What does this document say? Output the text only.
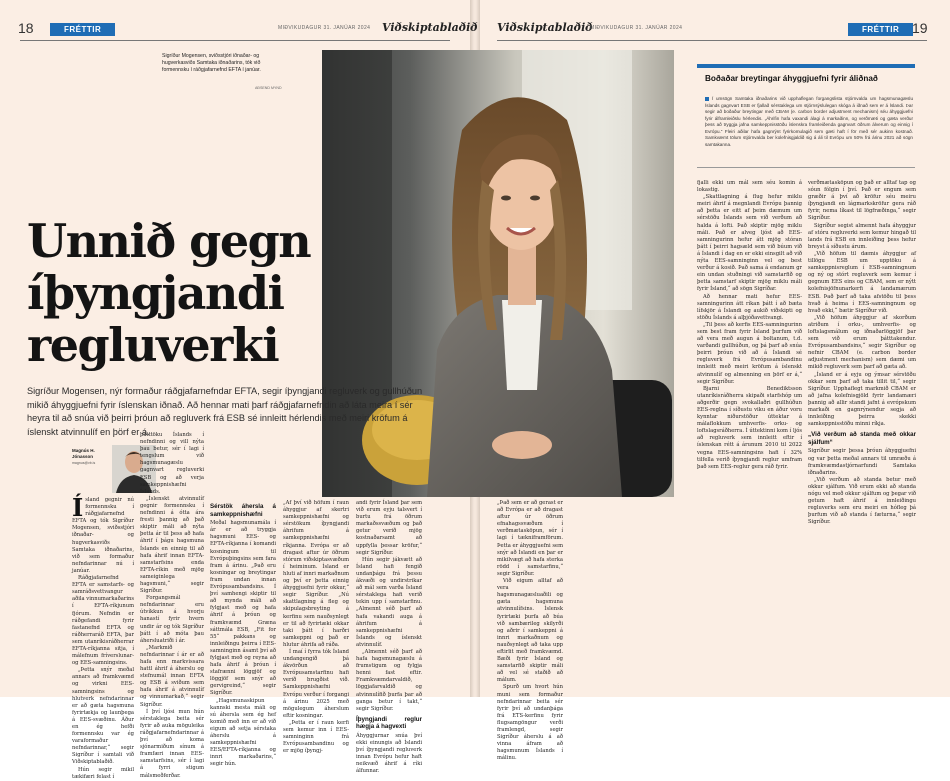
18	FRÉTTIR	MIÐVIKUDAGUR 31. JANÚAR 2024 Viðskiptablaðið Viðskiptablaðið
MIÐVIKUDAGUR 31. JANÚAR 2024	FRÉTTIR 19
Sigríður Mogensen, sviðsstjóri iðnaðar- og hugverkasviðs Samtaka iðnaðarins, tók við formennsku í ráðgjafarnefnd EFTA í janúar.
AÐSEND MYND
Unnið gegn
íþyngjandi
regluverki

Sigríður Mogensen, nýr formaður ráðgjafarnefndar EFTA, segir íþyngjandi regluverk og gullhúðun mikið áhyggjuefni fyrir íslenskan iðnað. Að hennar mati þarf ráðgjafarnefndin að láta meira í sér heyra til að snúa við þeirri þróun að regluverk frá ESB sé innleitt hérlendis með meiri kröfum á íslenskt atvinnulíf en þörf er á.

Magnús H. Jónasson
magnus@vb.is

Ísland gegnir nú formennsku í ráðgjafarnefnd EFTA og tók Sigríður Mogensen, sviðsstjóri iðnaðar- og hugverkasviðs Samtaka iðnaðarins, við sem formaður nefndarinnar nú í janúar.

Ráðgjafarnefnd EFTA er samstarfs- og samráðsvettvangur aðila vinnumarkaðarins í EFTA-ríkjunum fjórum. Nefndin er ráðgefandi fyrir fastanefnd EFTA og ráðherraráð EFTA, þar sem utanríkisráðherrar EFTA-ríkjanna sitja, í málefnum fríverslunar- og EES-samningsins.

„Þetta snýr meðal annars að framkvæmd og virkni EES-samningsins og hlutverk nefndarinnar er að gæta hagsmuna fyrirtækja og launþega á EES-svæðinu. Áður en ég hefði formennsku var ég varaformaður nefndarinnar,“ segir Sigríður í samtali við Viðskiptablaðið.

Hún segir mikil tækifæri felast í

þátttöku Íslands í nefndinni og vill nýta þau betur, sér í lagi í tengslum við hagsmunagæslu gagnvart regluverki ESB og að verja samkeppnishæfni Íslands.

„Íslenskt atvinnulíf gegnir formennsku í nefndinni á ótta ára fresti þannig að það skiptir máli að nýta þetta ár til þess að hafa áhrif í þágu hagsmuna Íslands en einnig til að hafa áhrif innan EFTA-samstarfsins enda EFTA-ríkin með mjög sameiginlega hagsmuni,“ segir Sigríður.

Forgangsmál nefndarinnar eru útvíkkun á hvorju hanastí fyrir hvern undir ár og tók Sigríður þátt í að móta þau áhersluatriði í ár.

„Markmið nefndarinnar í ár er að hafa enn markvissara hattl áhrif á áherslu og stefnumál innan EFTA og ESB á sviðum sem hafa áhrif á atvinnulíf og vinnumarkað,“ segir Sigríður.

Í því ljósi mun hún sérstaklega beita sér fyrir að auka möguleika ráðgjafarnefndarinnar á því að koma sjónarmiðum sínum á framfæri innan EES-samstarfsins, sér í lagi á fyrri stigum málsmeðferðar.

Sérstök áhersla á samkeppnishæfni

Meðal hagsmunamála í ár er að tryggja hagsmuni EES- og EFTA-ríkjanna í komandi kosningum til Evrópuþingsins sem fara fram á árinu. „Það eru kosningar og breytingar fram undan innan Evrópusambandsins. Í því samhengi skiptir til að mynda máli að fylgjast með og hafa áhrif á þróun og framkvæmd Græna sáttmála ESB, „Fit for 55“ pakkans og innleiðingu þeirra í EES-samninginn ásamt því að fylgjast með og reyna að hafa áhrif á þróun í stafrænni löggjöf og löggjöf sem snýr að gervigreind,“ segir Sigríður.

„Hagsmunaskipun kannski mesta máli og sú áhersla sem ég hef komið með inn er að við eigum að setja sérstaka áherslu á samkeppnishæfni EES/EFTA-ríkjanna og innri markaðarins,“ segir hún.

„Af því við höfum í raun áhyggjur af skertri samkeppnishæfni og sérstökum íþyngjandi áhrifum á samkeppnishæfni ríkjanna. Evrópa er að dragast aftur úr öðrum stórum viðskiptasvæðum í heiminum. Ísland er hluti af innri markaðnum og því er þetta einnig áhyggjuefni fyrir okkur,“ segir Sigríður. „Nú skattlagning á fleg og skipulagsbreyting á kerfinu sem nauðsynlegt er til að fyrirtæki okkar taki þátt í harðri samkeppni og það er hlutur áhrifa að ráða.

Í maí í fyrra tók Ísland undangengið þá ákvörðun að Evrópusamstarfinu hafi verið brugðist við. Samkeppnishæfni Evrópu verður í forgangi á árinu 2025 með mögulegum áherslum eftir kosningar.

„Þetta er í raun kerfi sem kemur inn í EES-samninginn frá Evrópusambandinu og er mjög íþyngj-

andi fyrir Ísland þar sem við erum eyju talsvert í burtu frá öðrum markaðssvæðum og það getur verið mjög kostnaðarsamt að uppfylla þessar kröfur,“ segir Sigríður.

Hún segir jákvætt að Ísland hafi fengið undanþágu frá þessu ákvæði og undirstrikar að mál sem varða Ísland sérstaklega hafi verið tekin upp í samstarfinu. „Almennt séð þarf að hafa vakandi auga á áhrifum á samkeppnishæfni Íslands og íslenskt atvinnulíf.

„Almennt séð þarf að hafa hagsmunagæslu á frumstigum og fylgja henni fast eftir. Framkvæmdarvaldið, löggjafarvaldið og atvinnulífið þurfa þar að ganga betur í takt,“ segir Sigríður.

Íþyngjandi reglur hægja á hagvexti

Áhyggjurnar snúa því ekki einungis að Íslandi því íþyngjandi regluverk innan Evrópu hefur haft neikvæð áhrif á ríki álfunnar.

„Það sem er að gerast er að Evrópa er að dragast aftur úr öðrum efnahagssvæðum í verðmætasköpun, sér í lagi í tækniframförum. Þetta er áhyggjuefni sem snýr að Íslandi en þar er mikilvægt að hafa sterka rödd í samstarfinu,“ segir Sigríður.

Við eigum alltaf að vera hagsmunagæsluaðili og gæta hagsmuna atvinnulífsins. Íslensk fyrirtæki þurfa að búa við sambærileg skilyrði og aðrir í samkeppni á innri markaðnum og nauðsynlegt að taka upp eftirlit með framkvæmd. Bæði fyrir Ísland og samstarfið skiptir máli að vel sé staðið að málum.

Spurð um hvort hún muni sem formaður nefndarinnar beita sér fyrir því að undanþága frá ETS-kerfinu fyrir flugsamgöngur verði framlengd, segir Sigríður áherslu á að vinna áfram að hagsmunum Íslands í málinu.

fjalli ekki um mál sem séu komin á lokastig.

„Skattlagning á flug hefur miklu meiri áhrif á megnlandi Evrópu þannig að þetta er eitt af þeim dæmum um sérstöðu Íslands sem við verðum að halda á lofti. Það skiptir mjög miklu máli. Það er alveg ljóst að EES-samningurinn hefur átt mjög stóran þátt í þeirri hagsæld sem við búum við á Íslandi í dag en er ekki einsgilt að við nýta EES-samninginn vel og best verður á kosið. Það sama á endanum gr​ein undan stuðningi við samstarfið og þetta samstarf skiptir mjög miklu máli fyrir Ísland,“ að sögn Sigríðar.

Að hennar mati hefur EES-samningurinn átt ríkan þátt í að bæta lífskjör á Íslandi og aukið viðskipti og stöðu Íslands á alþjóðavettvangi.

„Til þess að kerfis EES-samningurinn sem best fram fyrir Ísland þurfum við að vera með augun á boltanum, t.d. varðandi gullhúðun, og þá þarf að snúa þeirri þróun við að á Íslandi sé regluverk frá Evrópusambandinu innleitt með meiri kröfum á íslenskt atvinnulíf og almenning en þörf er á,“ segir Sigríður.

Bjarni Benediktsson utanríkisráðherra skipaði starfshóp um aðgerðir gegn svokallaðri gullhúðun EES-reglna í síðustu viku en áður voru kynntar niðurstöður úttektar á málaflokkum umhverfis- orku- og loftslagsráðherra. Í úttektinni kom í ljós að regluverk sem innleitt eftir í íslenskan rétt á árunum 2010 til 2022 vegna EES-samningsins hafi í 32% tilfella verið íþyngjandi reglur umfram það sem EES-reglur gera ráð fyrir.

verðmætasköpun og það er alltaf tap og sóun fólgin í því. Það er engum sem græðir á því að kröfur séu meiru íþyngjandi en lágmarkskröfur gera ráð fyrir, nema líkast til lögfræðinga,“ segir Sigríður.

Sigríður segist almennt hafa áhyggjur af stóru regluverki sem kemur hingað til lands frá ESB en innleiðing þess hefur breyst á síðustu árum.

„Við höfum til dæmis áhyggjur af tillögu ESB um upptöku á samkeppnisreglum í ESB-samningnum og ný og stórt regluverk sem kemur í gegnum EES eins og CBAM, sem er nýtt kolefnisjöfnunarkerfi á landamærum ESB. Það þarf að taka afstöðu til þess hvað á heima í EES-samningnum og hvað ekki,“ bætir Sigríður við.

„Við höfum áhyggjur af skorðum atriðum í orku-, umhverfis- og loftslagsmálum og iðnaðarlöggjöf þar sem við erum þátttakendur. Evrópusambandsins,“ segir Sigríður og nefnir CBAM (e. carbon border adjustment mechanism) sem dæmi um mikið regluverk sem þarf að gæta að.

„Ísland er á eyju og ýmsar sérstöðu okkar sem þarf að taka tillit til,“ segir Sigríður. Upphaflegt markmið CBAM er að jafna kolefnisgjöld fyrir landamæri þannig að allir standi jafnt á evrópskum markaði en gagnrýnendur segja að innleiðing þeirra skekki samkeppnisstöðu minni ríkja.

„Við verðum að standa með okkar sjálfum“

Sigríður segir þessa þróun áhyggjuefni og var þetta meðal annars til umræðu á framkvæmdastjórnarfundi Samtaka iðnaðarins.

„Við verðum að standa betur með okkur sjálfum. Við erum ekki að standa nógu vel með okkur sjálfum og þegar við getum haft áhrif á innleiðingu regluverks sem eru meiri en hófleg þá þurfum við að standa í fæturna,“ segir Sigríður.

Boðaðar breytingar áhyggjuefni fyrir áliðnað
Í umsögn Samtaka iðnaðarins við upphaflegan forgangslista stjórnvalda um hagsmunagæslu Íslands gagnvart ESB er fjallað sérstaklega um stjórnsýslulegan skóga á iðnað sem er á Íslandi. Þar segir að boðaður breytingar með CBAM (e. carbon border adjustment mechanism) séu áhyggjuefni fyrir álframleiðslu hérlendis. „Áhrifin hafa vaxandi álagi á markaðinn, og verðmæti og gæta verður þess að tryggja jafna samkeppnisstöðu íslenskra framleiðenda gagnvart öðrum álverum og einnig í Evrópu.“ Fleiri aðilar hafa gagnrýnt fyrirkomulagið sem gæti haft í för með sér aukinn kostnað. Samkvæmt tölum stjórnvalda ber kolefnisgjaldið sig á áli til Evrópu um 50% frá árinu 2021 að sögn samtakanna.
